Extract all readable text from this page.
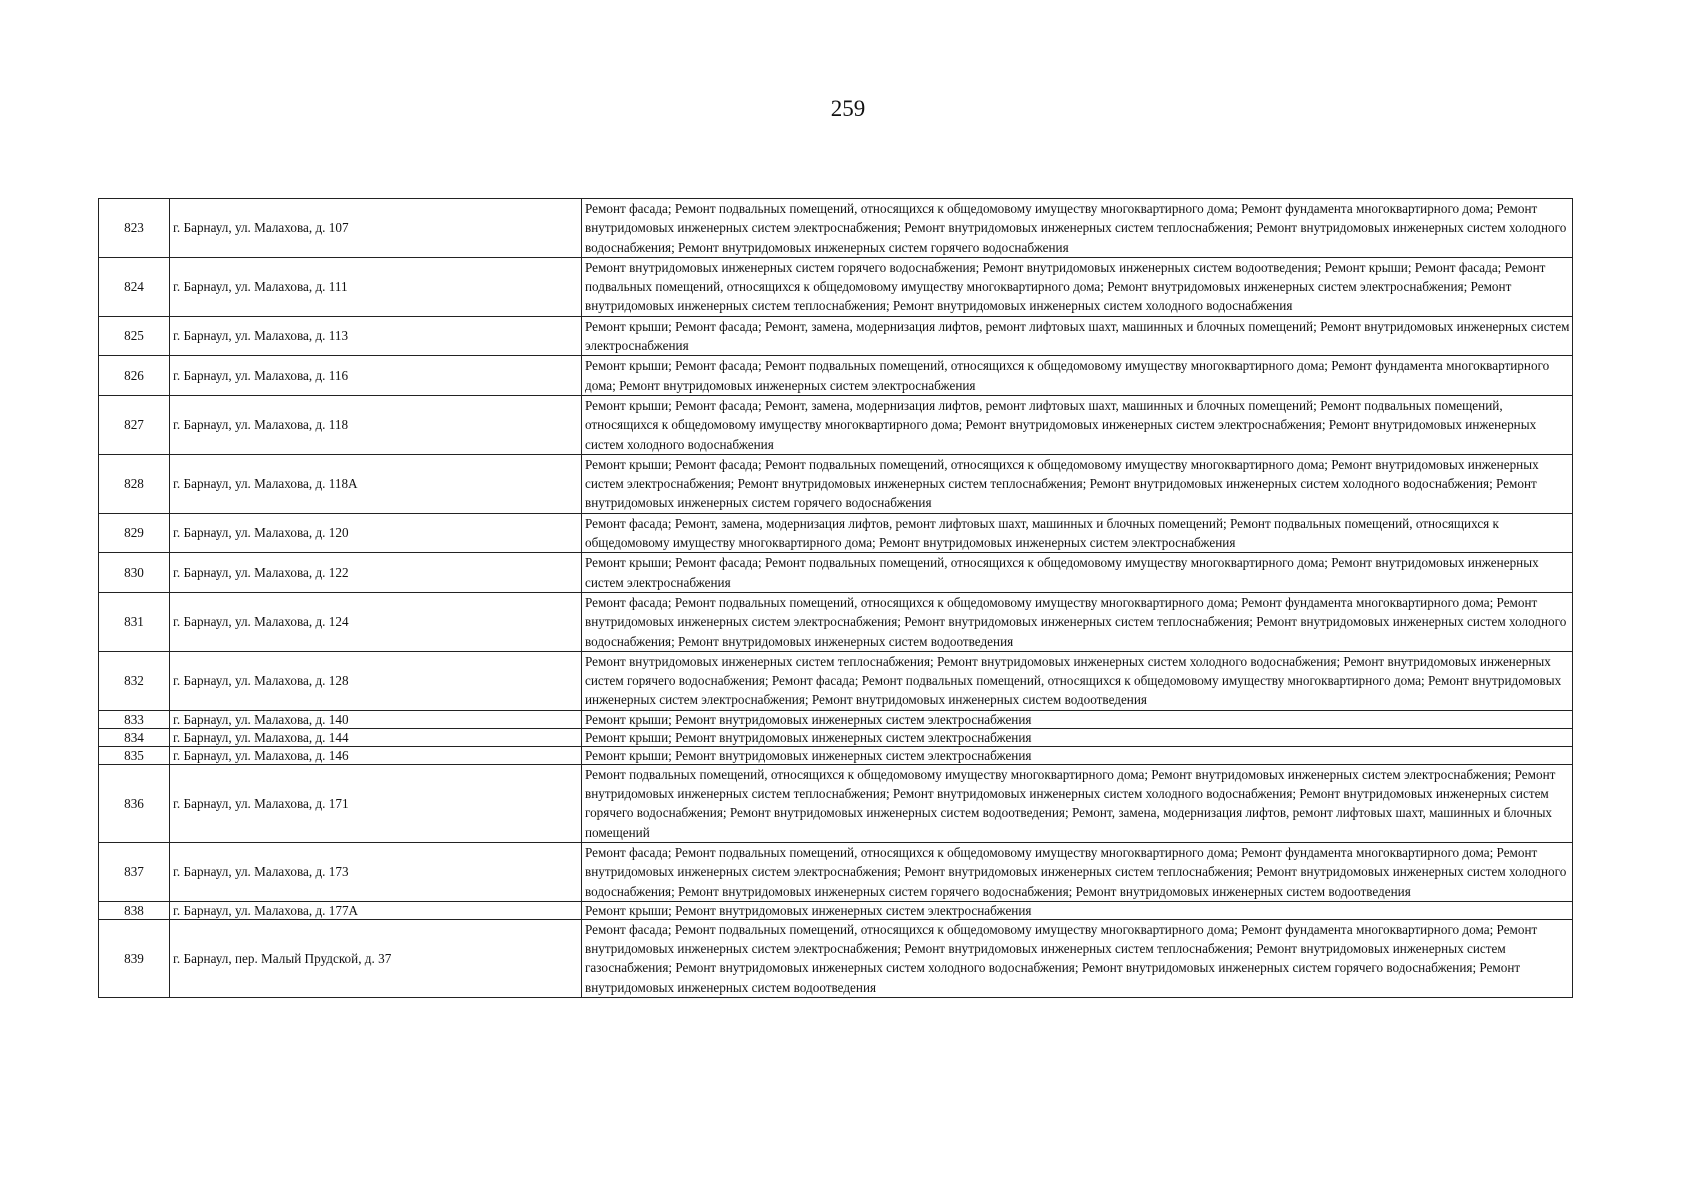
259
823	г. Барнаул, ул. Малахова, д. 107	Ремонт фасада; Ремонт подвальных помещений, относящихся к общедомовому имуществу многоквартирного дома; Ремонт фундамента многоквартирного дома; Ремонт внутридомовых инженерных систем электроснабжения; Ремонт внутридомовых инженерных систем теплоснабжения; Ремонт внутридомовых инженерных систем холодного водоснабжения; Ремонт внутридомовых инженерных систем горячего водоснабжения
824	г. Барнаул, ул. Малахова, д. 111	Ремонт внутридомовых инженерных систем горячего водоснабжения; Ремонт внутридомовых инженерных систем водоотведения; Ремонт крыши; Ремонт фасада; Ремонт подвальных помещений, относящихся к общедомовому имуществу многоквартирного дома; Ремонт внутридомовых инженерных систем электроснабжения; Ремонт внутридомовых инженерных систем теплоснабжения; Ремонт внутридомовых инженерных систем холодного водоснабжения
825	г. Барнаул, ул. Малахова, д. 113	Ремонт крыши; Ремонт фасада; Ремонт, замена, модернизация лифтов, ремонт лифтовых шахт, машинных и блочных помещений; Ремонт внутридомовых инженерных систем электроснабжения
826	г. Барнаул, ул. Малахова, д. 116	Ремонт крыши; Ремонт фасада; Ремонт подвальных помещений, относящихся к общедомовому имуществу многоквартирного дома; Ремонт фундамента многоквартирного дома; Ремонт внутридомовых инженерных систем электроснабжения
827	г. Барнаул, ул. Малахова, д. 118	Ремонт крыши; Ремонт фасада; Ремонт, замена, модернизация лифтов, ремонт лифтовых шахт, машинных и блочных помещений; Ремонт подвальных помещений, относящихся к общедомовому имуществу многоквартирного дома; Ремонт внутридомовых инженерных систем электроснабжения; Ремонт внутридомовых инженерных систем холодного водоснабжения
828	г. Барнаул, ул. Малахова, д. 118А	Ремонт крыши; Ремонт фасада; Ремонт подвальных помещений, относящихся к общедомовому имуществу многоквартирного дома; Ремонт внутридомовых инженерных систем электроснабжения; Ремонт внутридомовых инженерных систем теплоснабжения; Ремонт внутридомовых инженерных систем холодного водоснабжения; Ремонт внутридомовых инженерных систем горячего водоснабжения
829	г. Барнаул, ул. Малахова, д. 120	Ремонт фасада; Ремонт, замена, модернизация лифтов, ремонт лифтовых шахт, машинных и блочных помещений; Ремонт подвальных помещений, относящихся к общедомовому имуществу многоквартирного дома; Ремонт внутридомовых инженерных систем электроснабжения
830	г. Барнаул, ул. Малахова, д. 122	Ремонт крыши; Ремонт фасада; Ремонт подвальных помещений, относящихся к общедомовому имуществу многоквартирного дома; Ремонт внутридомовых инженерных систем электроснабжения
831	г. Барнаул, ул. Малахова, д. 124	Ремонт фасада; Ремонт подвальных помещений, относящихся к общедомовому имуществу многоквартирного дома; Ремонт фундамента многоквартирного дома; Ремонт внутридомовых инженерных систем электроснабжения; Ремонт внутридомовых инженерных систем теплоснабжения; Ремонт внутридомовых инженерных систем холодного водоснабжения; Ремонт внутридомовых инженерных систем водоотведения
832	г. Барнаул, ул. Малахова, д. 128	Ремонт внутридомовых инженерных систем теплоснабжения; Ремонт внутридомовых инженерных систем холодного водоснабжения; Ремонт внутридомовых инженерных систем горячего водоснабжения; Ремонт фасада; Ремонт подвальных помещений, относящихся к общедомовому имуществу многоквартирного дома; Ремонт внутридомовых инженерных систем электроснабжения; Ремонт внутридомовых инженерных систем водоотведения
833	г. Барнаул, ул. Малахова, д. 140	Ремонт крыши; Ремонт внутридомовых инженерных систем электроснабжения
834	г. Барнаул, ул. Малахова, д. 144	Ремонт крыши; Ремонт внутридомовых инженерных систем электроснабжения
835	г. Барнаул, ул. Малахова, д. 146	Ремонт крыши; Ремонт внутридомовых инженерных систем электроснабжения
836	г. Барнаул, ул. Малахова, д. 171	Ремонт подвальных помещений, относящихся к общедомовому имуществу многоквартирного дома; Ремонт внутридомовых инженерных систем электроснабжения; Ремонт внутридомовых инженерных систем теплоснабжения; Ремонт внутридомовых инженерных систем холодного водоснабжения; Ремонт внутридомовых инженерных систем горячего водоснабжения; Ремонт внутридомовых инженерных систем водоотведения; Ремонт, замена, модернизация лифтов, ремонт лифтовых шахт, машинных и блочных помещений
837	г. Барнаул, ул. Малахова, д. 173	Ремонт фасада; Ремонт подвальных помещений, относящихся к общедомовому имуществу многоквартирного дома; Ремонт фундамента многоквартирного дома; Ремонт внутридомовых инженерных систем электроснабжения; Ремонт внутридомовых инженерных систем теплоснабжения; Ремонт внутридомовых инженерных систем холодного водоснабжения; Ремонт внутридомовых инженерных систем горячего водоснабжения; Ремонт внутридомовых инженерных систем водоотведения
838	г. Барнаул, ул. Малахова, д. 177А	Ремонт крыши; Ремонт внутридомовых инженерных систем электроснабжения
839	г. Барнаул, пер. Малый Прудской, д. 37	Ремонт фасада; Ремонт подвальных помещений, относящихся к общедомовому имуществу многоквартирного дома; Ремонт фундамента многоквартирного дома; Ремонт внутридомовых инженерных систем электроснабжения; Ремонт внутридомовых инженерных систем теплоснабжения; Ремонт внутридомовых инженерных систем газоснабжения; Ремонт внутридомовых инженерных систем холодного водоснабжения; Ремонт внутридомовых инженерных систем горячего водоснабжения; Ремонт внутридомовых инженерных систем водоотведения
